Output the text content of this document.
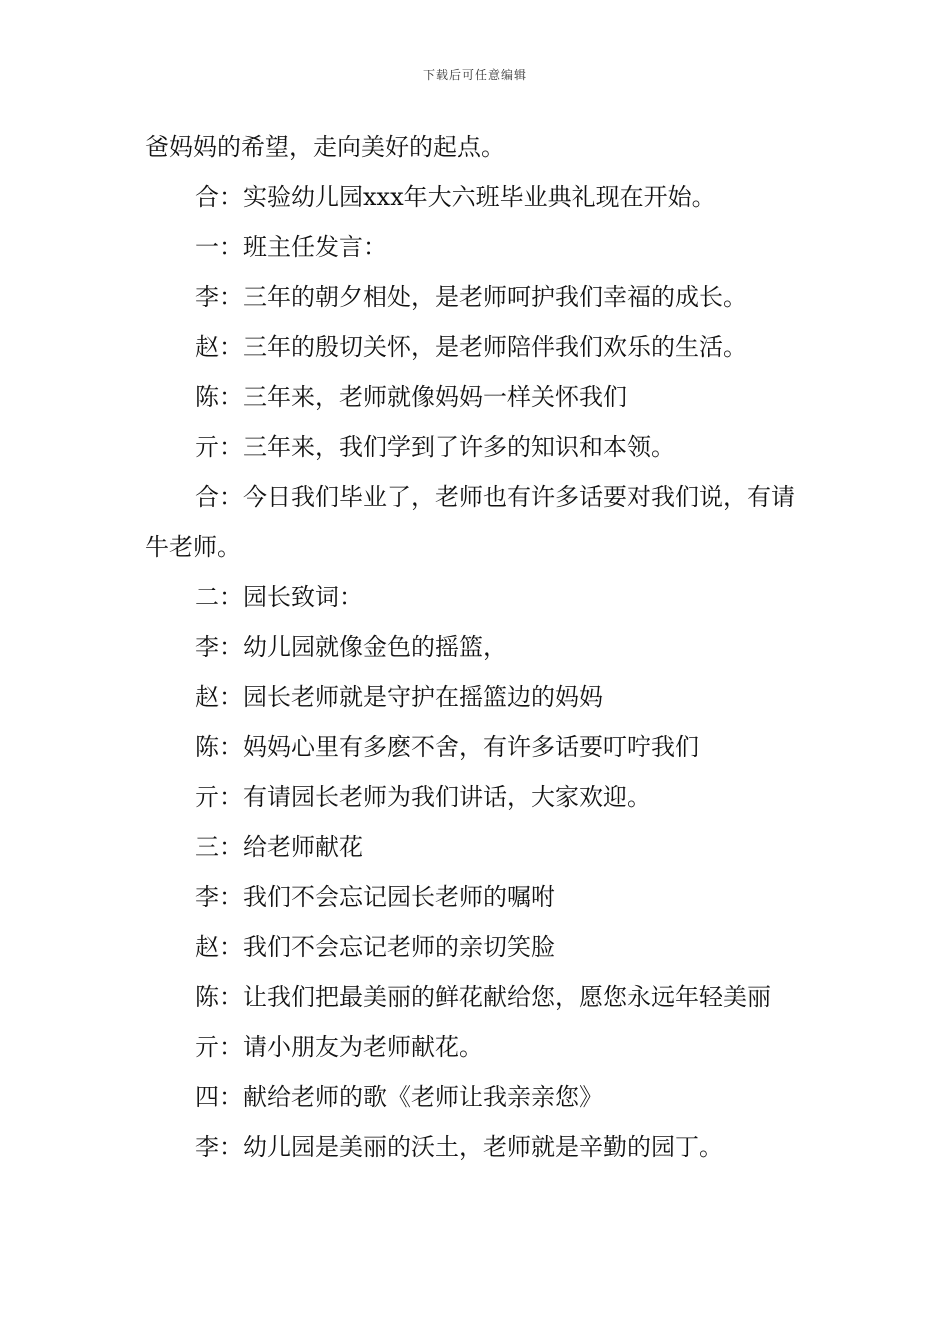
下载后可任意编辑

爸妈妈的希望，走向美好的起点。

合：实验幼儿园xxx年大六班毕业典礼现在开始。

一：班主任发言：

李：三年的朝夕相处，是老师呵护我们幸福的成长。

赵：三年的殷切关怀，是老师陪伴我们欢乐的生活。

陈：三年来，老师就像妈妈一样关怀我们

亓：三年来，我们学到了许多的知识和本领。

合：今日我们毕业了，老师也有许多话要对我们说，有请牛老师。

二：园长致词：

李：幼儿园就像金色的摇篮，

赵：园长老师就是守护在摇篮边的妈妈

陈：妈妈心里有多麽不舍，有许多话要叮咛我们

亓：有请园长老师为我们讲话，大家欢迎。

三：给老师献花

李：我们不会忘记园长老师的嘱咐

赵：我们不会忘记老师的亲切笑脸

陈：让我们把最美丽的鲜花献给您，愿您永远年轻美丽

亓：请小朋友为老师献花。

四：献给老师的歌《老师让我亲亲您》

李：幼儿园是美丽的沃土，老师就是辛勤的园丁。
